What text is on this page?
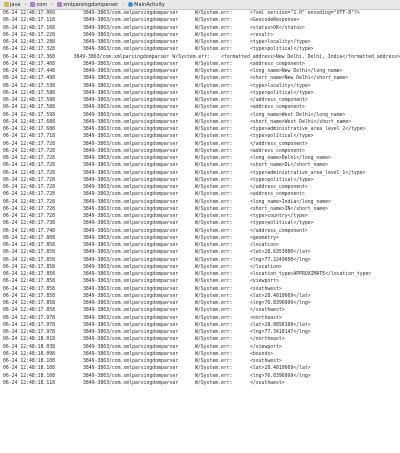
java › com › xmlparsingdomparser › MainActivity
06-24 12:48:17.060	3849-3863/com.xmlparsingdomparser	W/System.err:	<?xml version="1.0" encoding="UTF-8"?>
06-24 12:48:17.118	3849-3863/com.xmlparsingdomparser	W/System.err:	<GeocodeResponse>
06-24 12:48:17.168	3849-3863/com.xmlparsingdomparser	W/System.err:	<status>OK</status>
06-24 12:48:17.228	3849-3863/com.xmlparsingdomparser	W/System.err:	<result>
06-24 12:48:17.288	3849-3863/com.xmlparsingdomparser	W/System.err:	<type>locality</type>
06-24 12:48:17.328	3849-3863/com.xmlparsingdomparser	W/System.err:	<type>political</type>
06-24 12:48:17.368	3849-3863/com.xmlparsingdomparser W/System.err:	<formatted_address>New Delhi, Delhi, India</formatted_address>
06-24 12:48:17.408	3849-3863/com.xmlparsingdomparser	W/System.err:	<address_component>
06-24 12:48:17.448	3849-3863/com.xmlparsingdomparser	W/System.err:	<long_name>New Delhi</long_name>
06-24 12:48:17.498	3849-3863/com.xmlparsingdomparser	W/System.err:	<short_name>New Delhi</short_name>
06-24 12:48:17.538	3849-3863/com.xmlparsingdomparser	W/System.err:	<type>locality</type>
06-24 12:48:17.588	3849-3863/com.xmlparsingdomparser	W/System.err:	<type>political</type>
06-24 12:48:17.588	3849-3863/com.xmlparsingdomparser	W/System.err:	</address_component>
06-24 12:48:17.588	3849-3863/com.xmlparsingdomparser	W/System.err:	<address_component>
06-24 12:48:17.598	3849-3863/com.xmlparsingdomparser	W/System.err:	<long_name>West Delhi</long_name>
06-24 12:48:17.688	3849-3863/com.xmlparsingdomparser	W/System.err:	<short_name>West Delhi</short_name>
06-24 12:48:17.688	3849-3863/com.xmlparsingdomparser	W/System.err:	<type>administrative_area_level_2</type>
06-24 12:48:17.718	3849-3863/com.xmlparsingdomparser	W/System.err:	<type>political</type>
06-24 12:48:17.728	3849-3863/com.xmlparsingdomparser	W/System.err:	</address_component>
06-24 12:48:17.728	3849-3863/com.xmlparsingdomparser	W/System.err:	<address_component>
06-24 12:48:17.728	3849-3863/com.xmlparsingdomparser	W/System.err:	<long_name>Delhi</long_name>
06-24 12:48:17.728	3849-3863/com.xmlparsingdomparser	W/System.err:	<short_name>DL</short_name>
06-24 12:48:17.728	3849-3863/com.xmlparsingdomparser	W/System.err:	<type>administrative_area_level_1</type>
06-24 12:48:17.728	3849-3863/com.xmlparsingdomparser	W/System.err:	<type>political</type>
06-24 12:48:17.728	3849-3863/com.xmlparsingdomparser	W/System.err:	</address_component>
06-24 12:48:17.728	3849-3863/com.xmlparsingdomparser	W/System.err:	<address_component>
06-24 12:48:17.728	3849-3863/com.xmlparsingdomparser	W/System.err:	<long_name>India</long_name>
06-24 12:48:17.728	3849-3863/com.xmlparsingdomparser	W/System.err:	<short_name>IN</short_name>
06-24 12:48:17.728	3849-3863/com.xmlparsingdomparser	W/System.err:	<type>country</type>
06-24 12:48:17.738	3849-3863/com.xmlparsingdomparser	W/System.err:	<type>political</type>
06-24 12:48:17.748	3849-3863/com.xmlparsingdomparser	W/System.err:	</address_component>
06-24 12:48:17.808	3849-3863/com.xmlparsingdomparser	W/System.err:	<geometry>
06-24 12:48:17.858	3849-3863/com.xmlparsingdomparser	W/System.err:	<location>
06-24 12:48:17.858	3849-3863/com.xmlparsingdomparser	W/System.err:	<lat>28.6353080</lat>
06-24 12:48:17.858	3849-3863/com.xmlparsingdomparser	W/System.err:	<lng>77.2249600</lng>
06-24 12:48:17.858	3849-3863/com.xmlparsingdomparser	W/System.err:	</location>
06-24 12:48:17.858	3849-3863/com.xmlparsingdomparser	W/System.err:	<location_type>APPROXIMATE</location_type>
06-24 12:48:17.858	3849-3863/com.xmlparsingdomparser	W/System.err:	<viewport>
06-24 12:48:17.858	3849-3863/com.xmlparsingdomparser	W/System.err:	<southwest>
06-24 12:48:17.858	3849-3863/com.xmlparsingdomparser	W/System.err:	<lat>28.4010669</lat>
06-24 12:48:17.858	3849-3863/com.xmlparsingdomparser	W/System.err:	<lng>76.8396999</lng>
06-24 12:48:17.858	3849-3863/com.xmlparsingdomparser	W/System.err:	</southwest>
06-24 12:48:17.978	3849-3863/com.xmlparsingdomparser	W/System.err:	<northeast>
06-24 12:48:17.978	3849-3863/com.xmlparsingdomparser	W/System.err:	<lat>28.8898160</lat>
06-24 12:48:17.978	3849-3863/com.xmlparsingdomparser	W/System.err:	<lng>77.3418147</lng>
06-24 12:48:18.018	3849-3863/com.xmlparsingdomparser	W/System.err:	</northeast>
06-24 12:48:18.038	3849-3863/com.xmlparsingdomparser	W/System.err:	</viewport>
06-24 12:48:18.098	3849-3863/com.xmlparsingdomparser	W/System.err:	<bounds>
06-24 12:48:18.108	3849-3863/com.xmlparsingdomparser	W/System.err:	<southwest>
06-24 12:48:18.108	3849-3863/com.xmlparsingdomparser	W/System.err:	<lat>28.4010669</lat>
06-24 12:48:18.108	3849-3863/com.xmlparsingdomparser	W/System.err:	<lng>76.8396999</lng>
06-24 12:48:18.118	3849-3863/com.xmlparsingdomparser	W/System.err:	</southwest>
